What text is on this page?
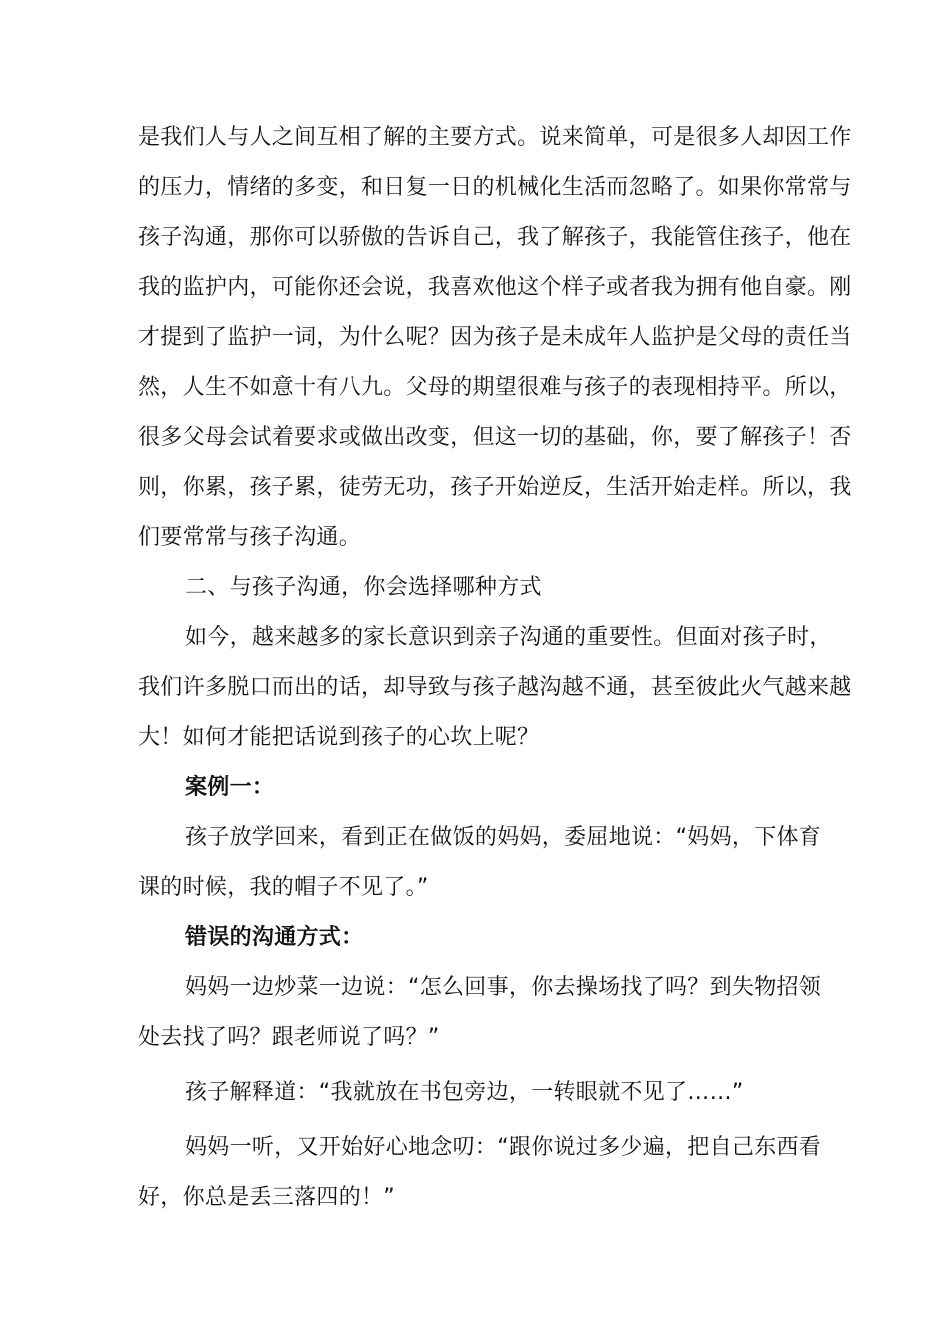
是我们人与人之间互相了解的主要方式。说来简单，可是很多人却因工作
的压力，情绪的多变，和日复一日的机械化生活而忽略了。如果你常常与
孩子沟通，那你可以骄傲的告诉自己，我了解孩子，我能管住孩子，他在
我的监护内，可能你还会说，我喜欢他这个样子或者我为拥有他自豪。刚
才提到了监护一词，为什么呢？因为孩子是未成年人监护是父母的责任当
然，人生不如意十有八九。父母的期望很难与孩子的表现相持平。所以，
很多父母会试着要求或做出改变，但这一切的基础，你，要了解孩子！否
则，你累，孩子累，徒劳无功，孩子开始逆反，生活开始走样。所以，我
们要常常与孩子沟通。
二、与孩子沟通，你会选择哪种方式
如今，越来越多的家长意识到亲子沟通的重要性。但面对孩子时，
我们许多脱口而出的话，却导致与孩子越沟越不通，甚至彼此火气越来越
大！如何才能把话说到孩子的心坎上呢？
案例一：
孩子放学回来，看到正在做饭的妈妈，委屈地说：“妈妈，下体育
课的时候，我的帽子不见了。”
错误的沟通方式：
妈妈一边炒菜一边说：“怎么回事，你去操场找了吗？到失物招领
处去找了吗？跟老师说了吗？”
孩子解释道：“我就放在书包旁边，一转眼就不见了……”
妈妈一听，又开始好心地念叨：“跟你说过多少遍，把自己东西看
好，你总是丢三落四的！”
